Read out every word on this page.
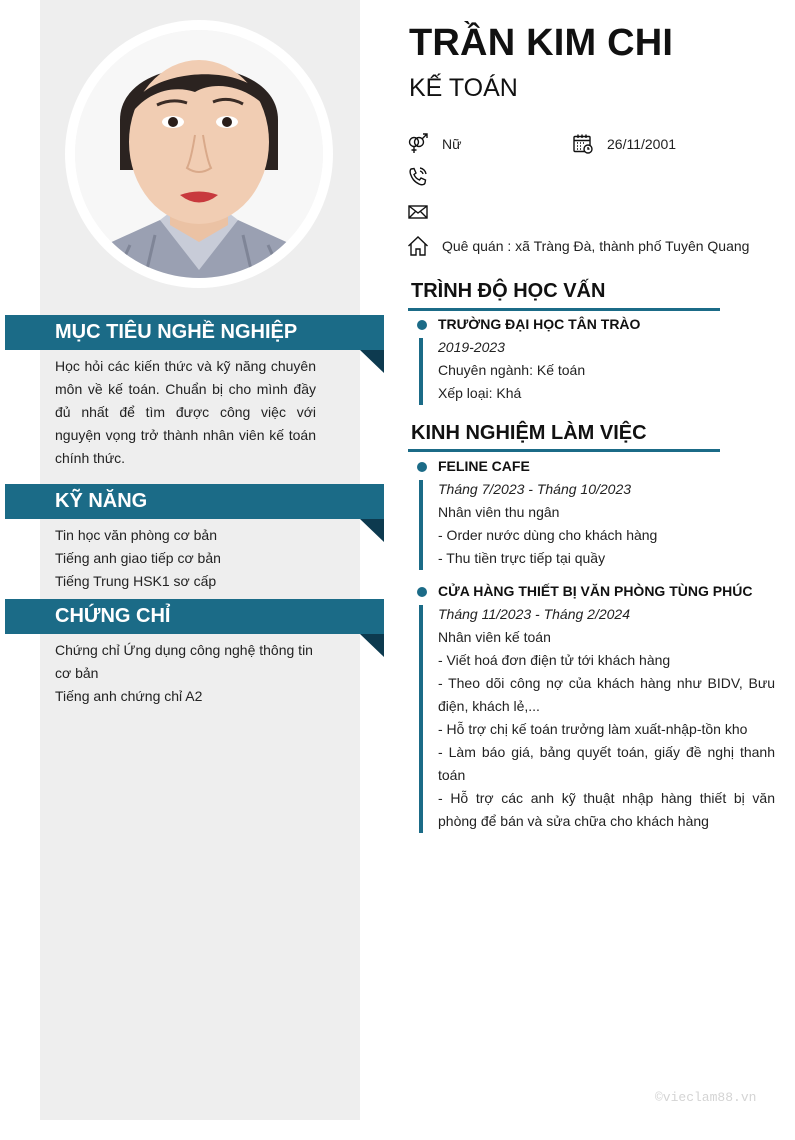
MỤC TIÊU NGHỀ NGHIỆP
Học hỏi các kiến thức và kỹ năng chuyên môn về kế toán. Chuẩn bị cho mình đầy đủ nhất để tìm được công việc với nguyện vọng trở thành nhân viên kế toán chính thức.
KỸ NĂNG
Tin học văn phòng cơ bản
Tiếng anh giao tiếp cơ bản
Tiếng Trung HSK1 sơ cấp
CHỨNG CHỈ
Chứng chỉ Ứng dụng công nghệ thông tin cơ bản
Tiếng anh chứng chỉ A2
TRẦN KIM CHI
KẾ TOÁN
Nữ	26/11/2001
Quê quán : xã Tràng Đà, thành phố Tuyên Quang
TRÌNH ĐỘ HỌC VẤN
TRƯỜNG ĐẠI HỌC TÂN TRÀO
2019-2023
Chuyên ngành: Kế toán
Xếp loại: Khá
KINH NGHIỆM LÀM VIỆC
FELINE CAFE
Tháng 7/2023 - Tháng 10/2023
Nhân viên thu ngân
- Order nước dùng cho khách hàng
- Thu tiền trực tiếp tại quầy
CỬA HÀNG THIẾT BỊ VĂN PHÒNG TÙNG PHÚC
Tháng 11/2023 - Tháng 2/2024
Nhân viên kế toán
- Viết hoá đơn điện tử tới khách hàng
- Theo dõi công nợ của khách hàng như BIDV, Bưu điện, khách lẻ,...
- Hỗ trợ chị kế toán trưởng làm xuất-nhập-tồn kho
- Làm báo giá, bảng quyết toán, giấy đề nghị thanh toán
- Hỗ trợ các anh kỹ thuật nhập hàng thiết bị văn phòng để bán và sửa chữa cho khách hàng
©vieclam88.vn
